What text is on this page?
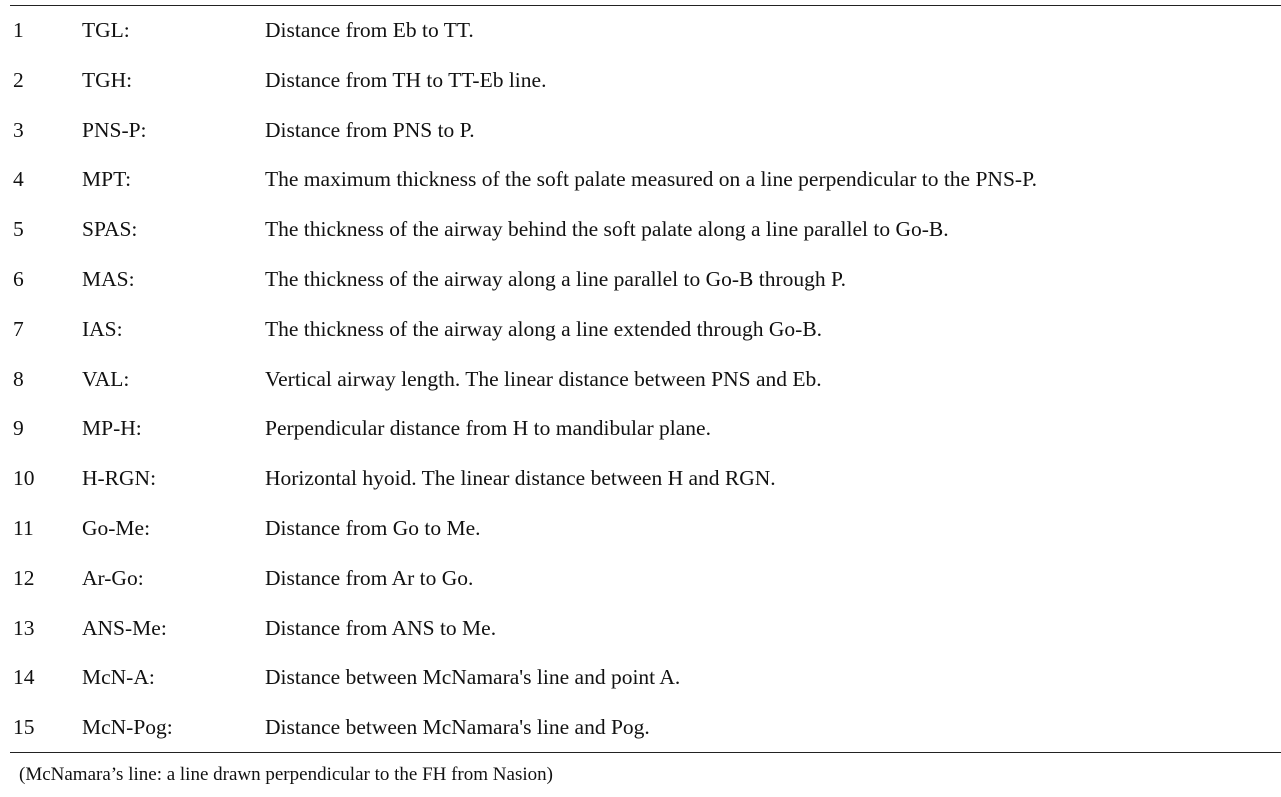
1	TGL:	Distance from Eb to TT.
2	TGH:	Distance from TH to TT-Eb line.
3	PNS-P:	Distance from PNS to P.
4	MPT:	The maximum thickness of the soft palate measured on a line perpendicular to the PNS-P.
5	SPAS:	The thickness of the airway behind the soft palate along a line parallel to Go-B.
6	MAS:	The thickness of the airway along a line parallel to Go-B through P.
7	IAS:	The thickness of the airway along a line extended through Go-B.
8	VAL:	Vertical airway length. The linear distance between PNS and Eb.
9	MP-H:	Perpendicular distance from H to mandibular plane.
10 H-RGN:	Horizontal hyoid. The linear distance between H and RGN.
11 Go-Me:	Distance from Go to Me.
12 Ar-Go:	Distance from Ar to Go.
13 ANS-Me:	Distance from ANS to Me.
14 McN-A:	Distance between McNamara's line and point A.
15 McN-Pog:	Distance between McNamara's line and Pog.
(McNamara’s line: a line drawn perpendicular to the FH from Nasion)
